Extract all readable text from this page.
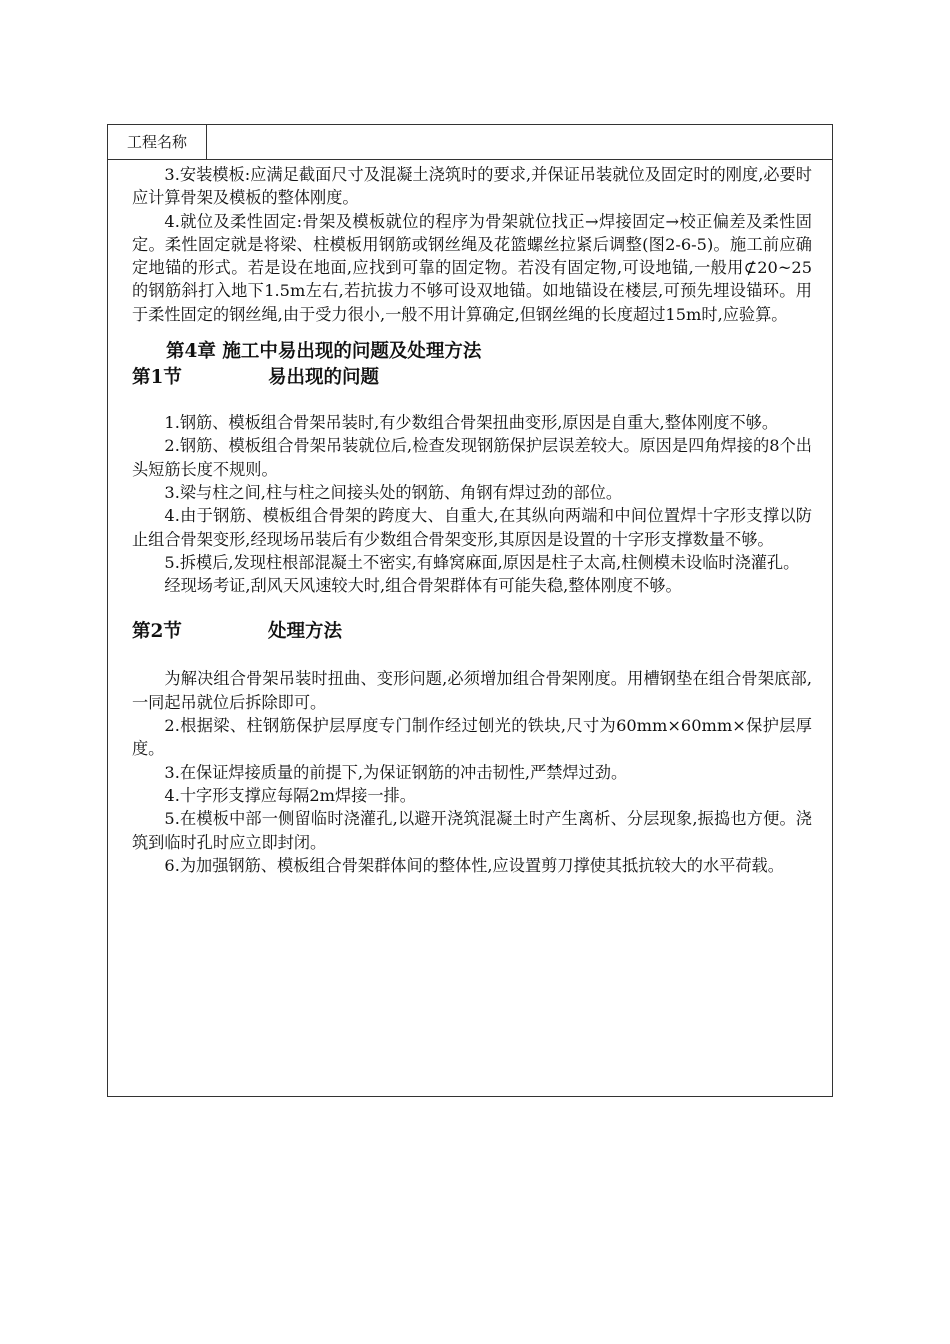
工程名称

3.安装模板:应满足截面尺寸及混凝土浇筑时的要求,并保证吊装就位及固定时的刚度,必要时应计算骨架及模板的整体刚度。

4.就位及柔性固定:骨架及模板就位的程序为骨架就位找正→焊接固定→校正偏差及柔性固定。柔性固定就是将梁、柱模板用钢筋或钢丝绳及花篮螺丝拉紧后调整(图2-6-5)。施工前应确定地锚的形式。若是设在地面,应找到可靠的固定物。若没有固定物,可设地锚,一般用⊄20~25的钢筋斜打入地下1.5m左右,若抗拔力不够可设双地锚。如地锚设在楼层,可预先埋设锚环。用于柔性固定的钢丝绳,由于受力很小,一般不用计算确定,但钢丝绳的长度超过15m时,应验算。

第4章 施工中易出现的问题及处理方法

第1节	易出现的问题

1.钢筋、模板组合骨架吊装时,有少数组合骨架扭曲变形,原因是自重大,整体刚度不够。

2.钢筋、模板组合骨架吊装就位后,检查发现钢筋保护层误差较大。原因是四角焊接的8个出头短筋长度不规则。

3.梁与柱之间,柱与柱之间接头处的钢筋、角钢有焊过劲的部位。

4.由于钢筋、模板组合骨架的跨度大、自重大,在其纵向两端和中间位置焊十字形支撑以防止组合骨架变形,经现场吊装后有少数组合骨架变形,其原因是设置的十字形支撑数量不够。

5.拆模后,发现柱根部混凝土不密实,有蜂窝麻面,原因是柱子太高,柱侧模未设临时浇灌孔。

经现场考证,刮风天风速较大时,组合骨架群体有可能失稳,整体刚度不够。

第2节	处理方法

为解决组合骨架吊装时扭曲、变形问题,必须增加组合骨架刚度。用槽钢垫在组合骨架底部,一同起吊就位后拆除即可。

2.根据梁、柱钢筋保护层厚度专门制作经过刨光的铁块,尺寸为60mm×60mm×保护层厚度。

3.在保证焊接质量的前提下,为保证钢筋的冲击韧性,严禁焊过劲。

4.十字形支撑应每隔2m焊接一排。

5.在模板中部一侧留临时浇灌孔,以避开浇筑混凝土时产生离析、分层现象,振捣也方便。浇筑到临时孔时应立即封闭。

6.为加强钢筋、模板组合骨架群体间的整体性,应设置剪刀撑使其抵抗较大的水平荷载。
